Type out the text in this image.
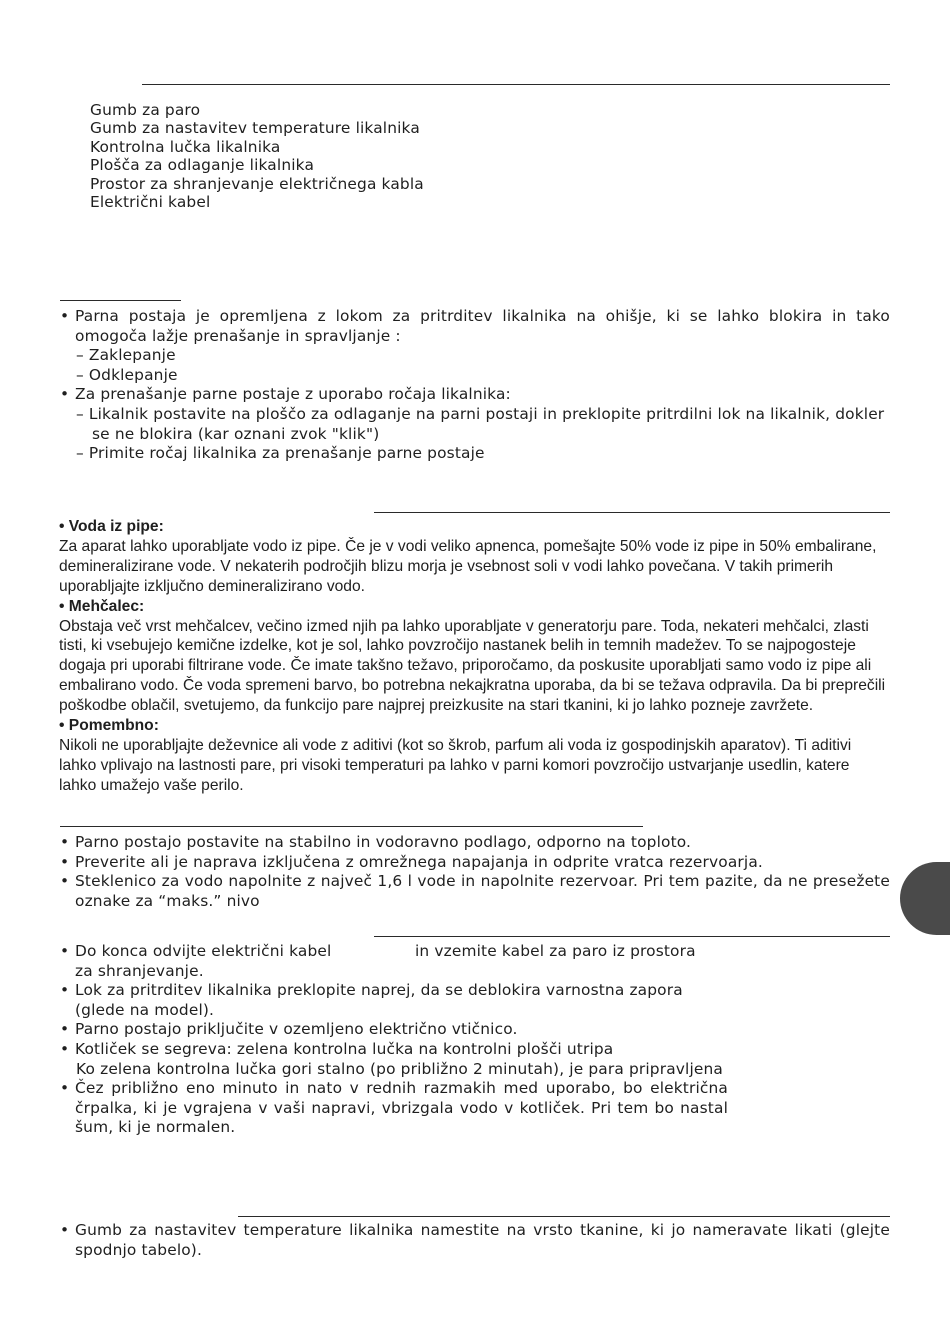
Gumb za paro
Gumb za nastavitev temperature likalnika
Kontrolna lučka likalnika
Plošča za odlaganje likalnika
Prostor za shranjevanje električnega kabla
Električni kabel
• Parna postaja je opremljena z lokom za pritrditev likalnika na ohišje, ki se lahko blokira in tako omogoča lažje prenašanje in spravljanje :
– Zaklepanje
– Odklepanje
• Za prenašanje parne postaje z uporabo ročaja likalnika:
– Likalnik postavite na ploščo za odlaganje na parni postaji in preklopite pritrdilni lok na likalnik, dokler se ne blokira (kar oznani zvok "klik")
– Primite ročaj likalnika za prenašanje parne postaje
• Voda iz pipe:
Za aparat lahko uporabljate vodo iz pipe. Če je v vodi veliko apnenca, pomešajte 50% vode iz pipe in 50% embalirane, demineralizirane vode. V nekaterih področjih blizu morja je vsebnost soli v vodi lahko povečana. V takih primerih uporabljajte izključno demineralizirano vodo.
• Mehčalec:
Obstaja več vrst mehčalcev, večino izmed njih pa lahko uporabljate v generatorju pare. Toda, nekateri mehčalci, zlasti tisti, ki vsebujejo kemične izdelke, kot je sol, lahko povzročijo nastanek belih in temnih madežev. To se najpogosteje dogaja pri uporabi filtrirane vode. Če imate takšno težavo, priporočamo, da poskusite uporabljati samo vodo iz pipe ali embalirano vodo. Če voda spremeni barvo, bo potrebna nekajkratna uporaba, da bi se težava odpravila. Da bi preprečili poškodbe oblačil, svetujemo, da funkcijo pare najprej preizkusite na stari tkanini, ki jo lahko pozneje zavržete.
• Pomembno:
Nikoli ne uporabljajte deževnice ali vode z aditivi (kot so škrob, parfum ali voda iz gospodinjskih aparatov). Ti aditivi lahko vplivajo na lastnosti pare, pri visoki temperaturi pa lahko v parni komori povzročijo ustvarjanje usedlin, katere lahko umažejo vaše perilo.
• Parno postajo postavite na stabilno in vodoravno podlago, odporno na toploto.
• Preverite ali je naprava izključena z omrežnega napajanja in odprite vratca rezervoarja.
• Steklenico za vodo napolnite z največ 1,6 l vode in napolnite rezervoar. Pri tem pazite, da ne presežete oznake za “maks.” nivo
• Do konca odvijte električni kabel	in vzemite kabel za paro iz prostora
za shranjevanje.
• Lok za pritrditev likalnika preklopite naprej, da se deblokira varnostna zapora (glede na model).
• Parno postajo priključite v ozemljeno električno vtičnico.
• Kotliček se segreva: zelena kontrolna lučka na kontrolni plošči utripa
Ko zelena kontrolna lučka gori stalno (po približno 2 minutah), je para pripravljena
• Čez približno eno minuto in nato v rednih razmakih med uporabo, bo električna črpalka, ki je vgrajena v vaši napravi, vbrizgala vodo v kotliček. Pri tem bo nastal šum, ki je normalen.
• Gumb za nastavitev temperature likalnika namestite na vrsto tkanine, ki jo nameravate likati (glejte spodnjo tabelo).
